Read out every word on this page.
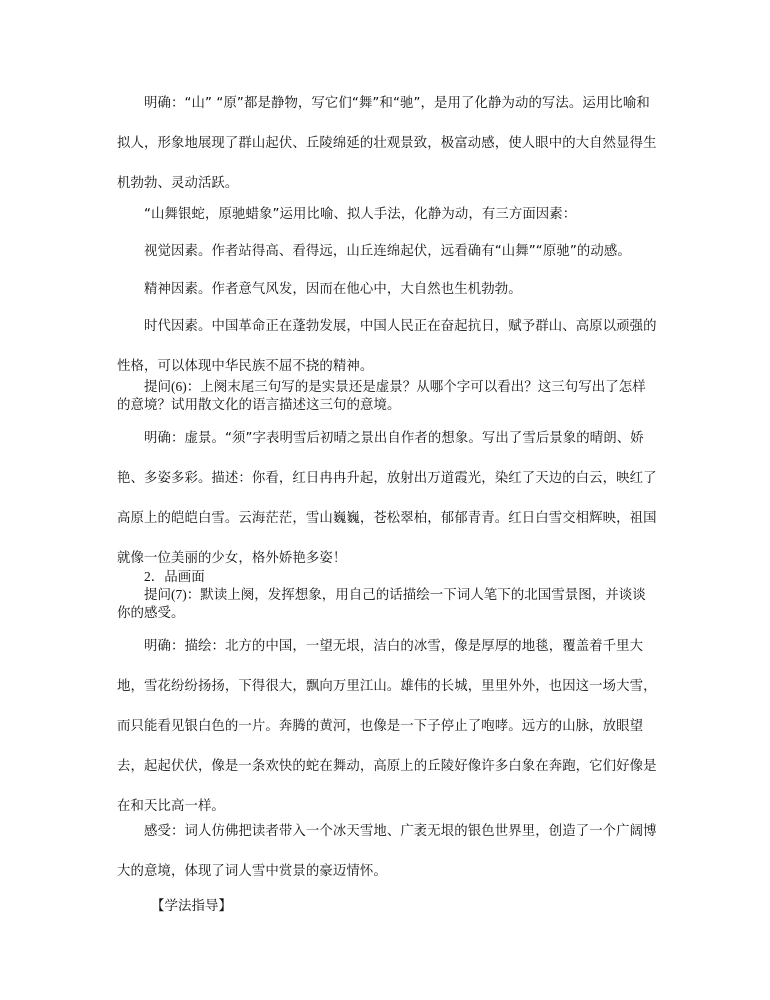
明确：“山” “原”都是静物，写它们“舞”和“驰”，是用了化静为动的写法。运用比喻和拟人，形象地展现了群山起伏、丘陵绵延的壮观景致，极富动感，使人眼中的大自然显得生机勃勃、灵动活跃。

“山舞银蛇，原驰蜡象”运用比喻、拟人手法，化静为动，有三方面因素：

视觉因素。作者站得高、看得远，山丘连绵起伏，远看确有“山舞”“原驰”的动感。

精神因素。作者意气风发，因而在他心中，大自然也生机勃勃。

时代因素。中国革命正在蓬勃发展，中国人民正在奋起抗日，赋予群山、高原以顽强的性格，可以体现中华民族不屈不挠的精神。

提问(6)：上阕末尾三句写的是实景还是虚景？从哪个字可以看出？这三句写出了怎样的意境？试用散文化的语言描述这三句的意境。

明确：虚景。“须”字表明雪后初晴之景出自作者的想象。写出了雪后景象的晴朗、娇艳、多姿多彩。描述：你看，红日冉冉升起，放射出万道霞光，染红了天边的白云，映红了高原上的皑皑白雪。云海茫茫，雪山巍巍，苍松翠柏，郁郁青青。红日白雪交相辉映，祖国就像一位美丽的少女，格外娇艳多姿！

2．品画面

提问(7)：默读上阕，发挥想象，用自己的话描绘一下词人笔下的北国雪景图，并谈谈你的感受。

明确：描绘：北方的中国，一望无垠，洁白的冰雪，像是厚厚的地毯，覆盖着千里大地，雪花纷纷扬扬，下得很大，飘向万里江山。雄伟的长城，里里外外，也因这一场大雪，而只能看见银白色的一片。奔腾的黄河，也像是一下子停止了咆哮。远方的山脉，放眼望去，起起伏伏，像是一条欢快的蛇在舞动，高原上的丘陵好像许多白象在奔跑，它们好像是在和天比高一样。

感受：词人仿佛把读者带入一个冰天雪地、广袤无垠的银色世界里，创造了一个广阔博大的意境，体现了词人雪中赏景的豪迈情怀。

【学法指导】
